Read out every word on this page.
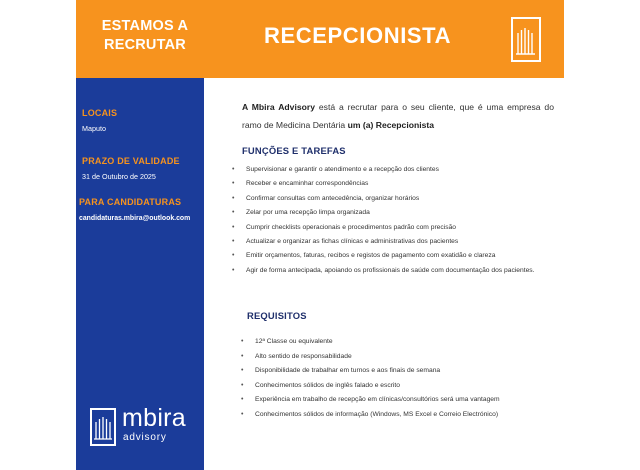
ESTAMOS A
RECRUTAR	RECEPCIONISTA
LOCAIS
Maputo
PRAZO DE VALIDADE
31 de Outubro de 2025
PARA CANDIDATURAS
candidaturas.mbira@outlook.com
mbira
advisory
A Mbira Advisory está a recrutar para o seu cliente, que é uma empresa do ramo de Medicina Dentária um (a) Recepcionista
FUNÇÕES E TAREFAS
• Supervisionar e garantir o atendimento e a recepção dos clientes
• Receber e encaminhar correspondências
• Confirmar consultas com antecedência, organizar horários
• Zelar por uma recepção limpa organizada
• Cumprir checklists operacionais e procedimentos padrão com precisão
• Actualizar e organizar as fichas clínicas e administrativas dos pacientes
• Emitir orçamentos, faturas, recibos e registos de pagamento com exatidão e clareza
• Agir de forma antecipada, apoiando os profissionais de saúde com documentação dos pacientes.
REQUISITOS
• 12ª Classe ou equivalente
• Alto sentido de responsabilidade
• Disponibilidade de trabalhar em turnos e aos finais de semana
• Conhecimentos sólidos de inglês falado e escrito
• Experiência em trabalho de recepção em clínicas/consultórios será uma vantagem
• Conhecimentos sólidos de informação (Windows, MS Excel e Correio Electrónico)
